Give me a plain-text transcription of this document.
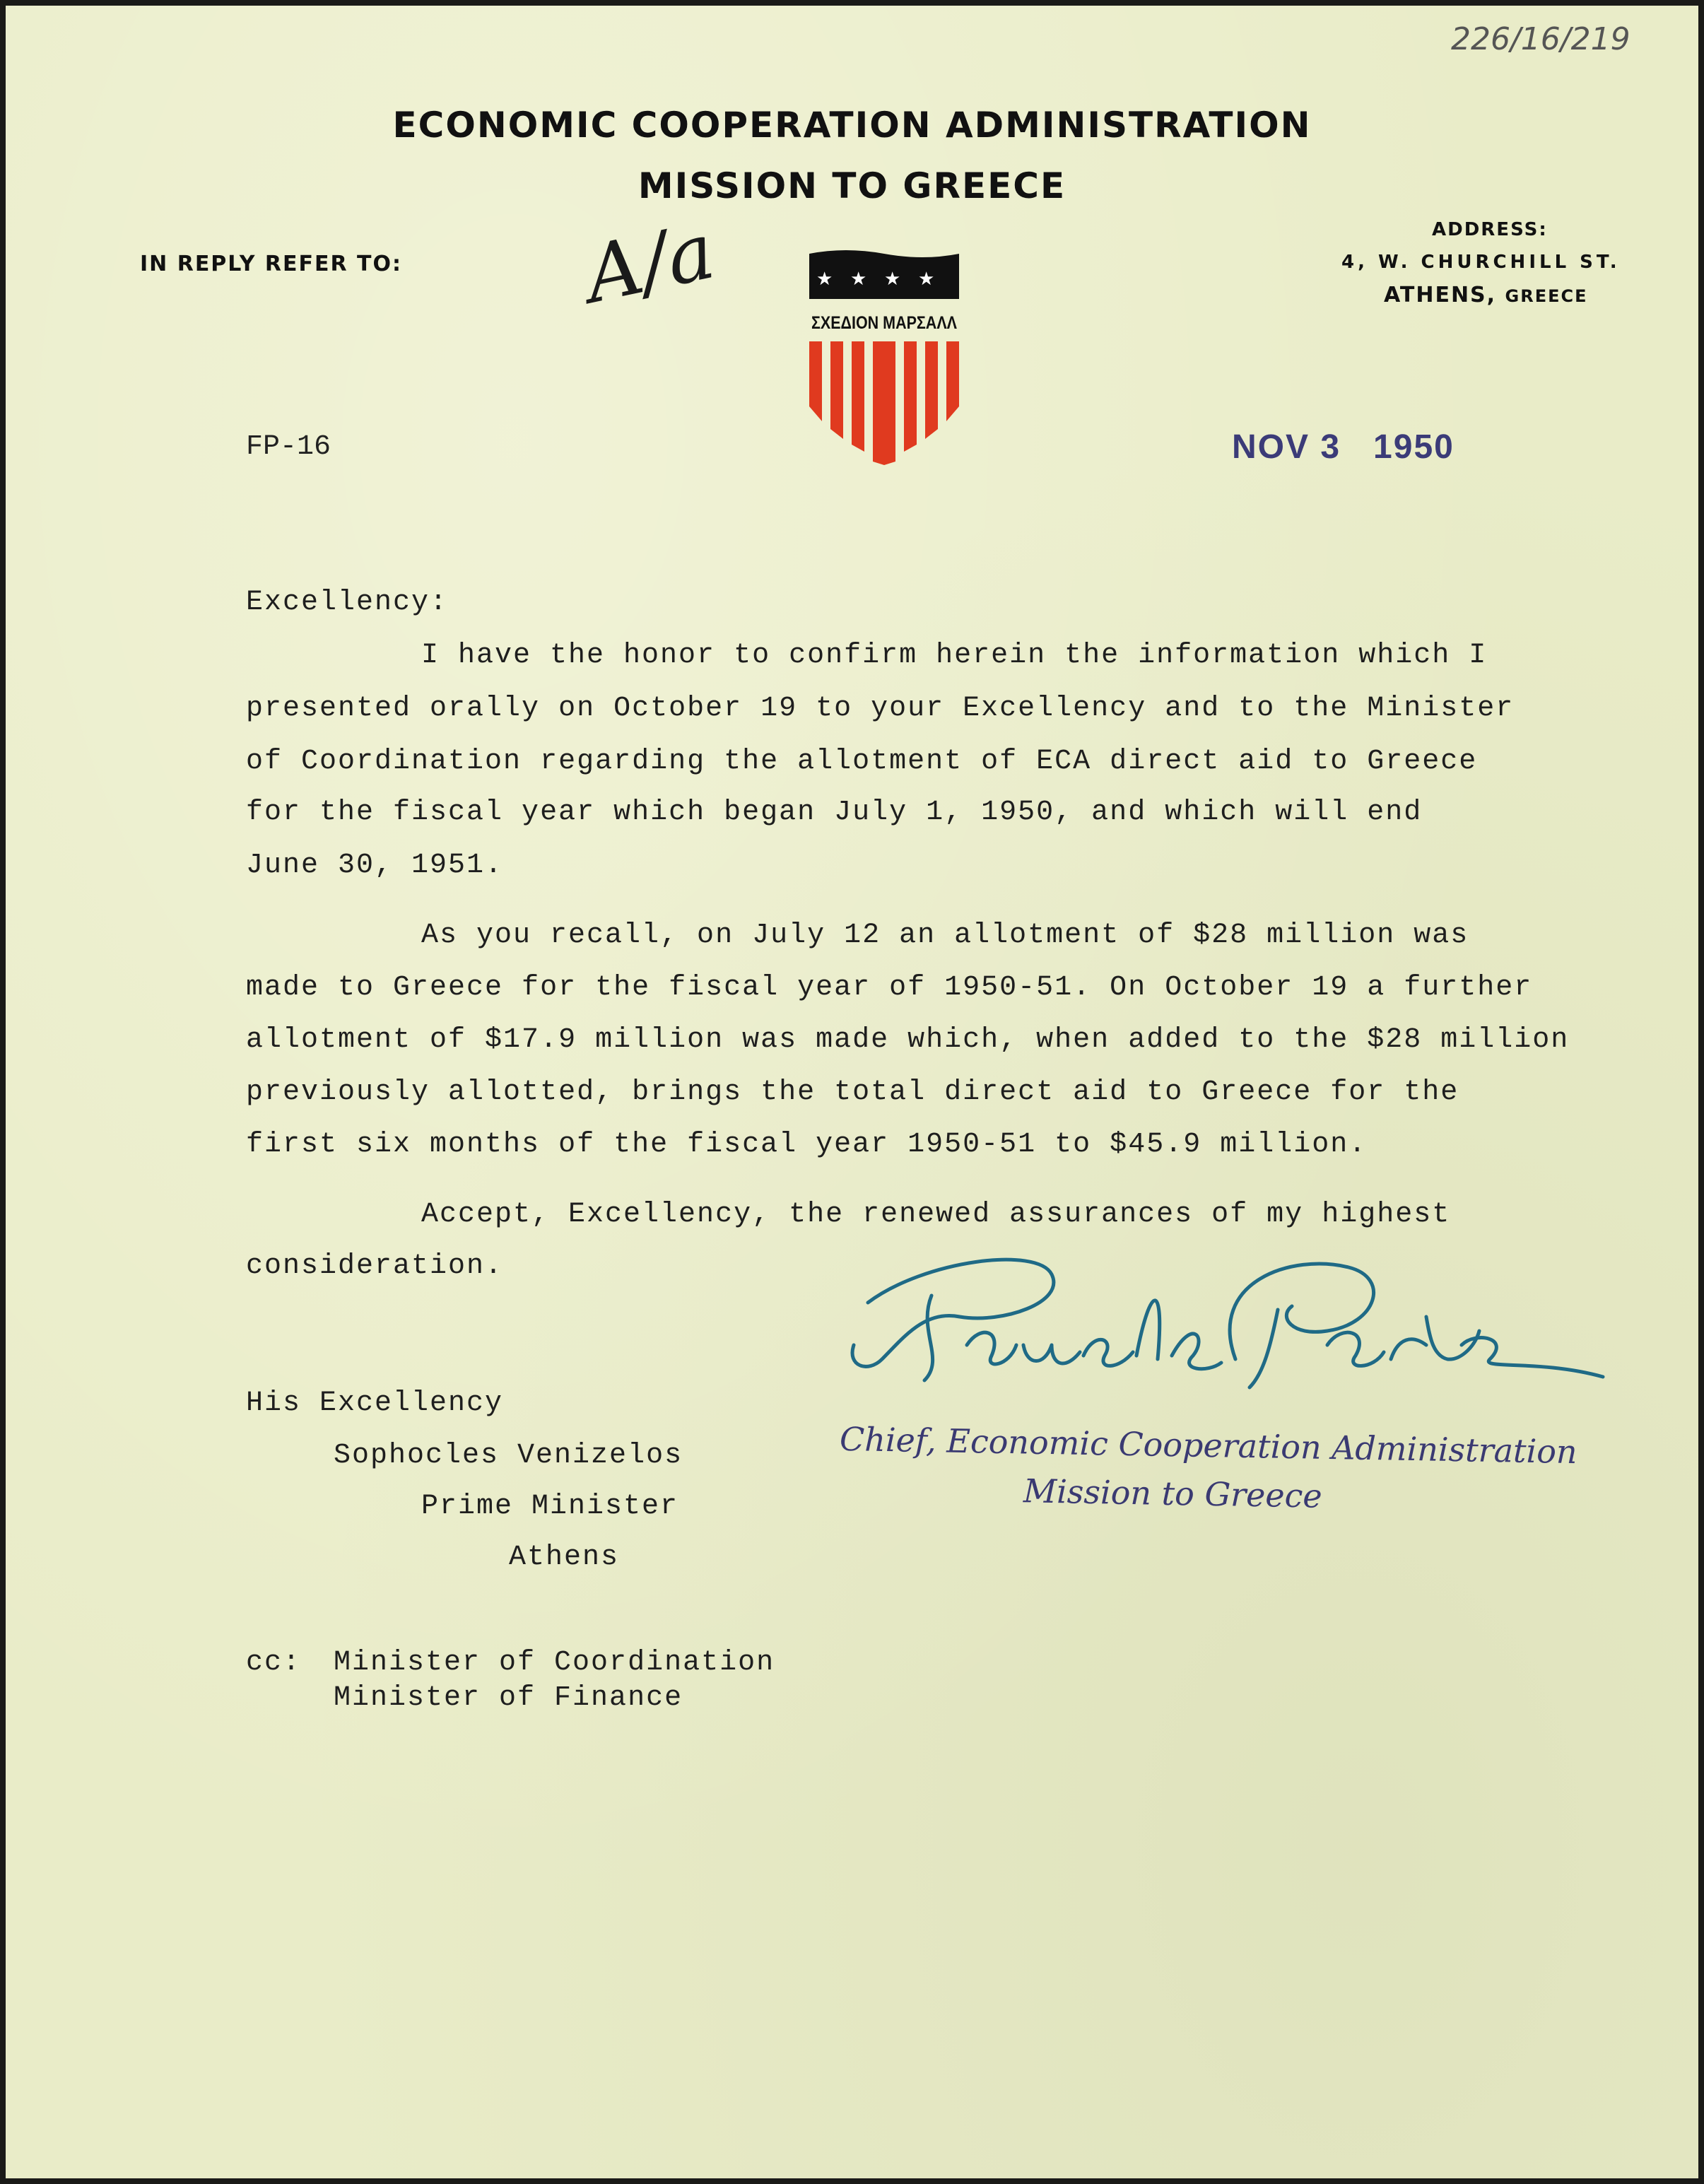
226/16/219
ECONOMIC COOPERATION ADMINISTRATION
MISSION TO GREECE
IN REPLY REFER TO: A/a	ADDRESS:
4, W. CHURCHILL ST.
ATHENS, GREECE
★ ★ ★ ★
ΣΧΕΔΙΟΝ ΜΑΡΣΑΛΛ
FP-16	NOV 3   1950
Excellency:
I have the honor to confirm herein the information which I
presented orally on October 19 to your Excellency and to the Minister
of Coordination regarding the allotment of ECA direct aid to Greece
for the fiscal year which began July 1, 1950, and which will end
June 30, 1951.
As you recall, on July 12 an allotment of $28 million was
made to Greece for the fiscal year of 1950-51. On October 19 a further
allotment of $17.9 million was made which, when added to the $28 million
previously allotted, brings the total direct aid to Greece for the
first six months of the fiscal year 1950-51 to $45.9 million.
Accept, Excellency, the renewed assurances of my highest
consideration.
Chief, Economic Cooperation Administration
Mission to Greece
His Excellency
Sophocles Venizelos
Prime Minister
Athens
cc: Minister of Coordination
Minister of Finance
